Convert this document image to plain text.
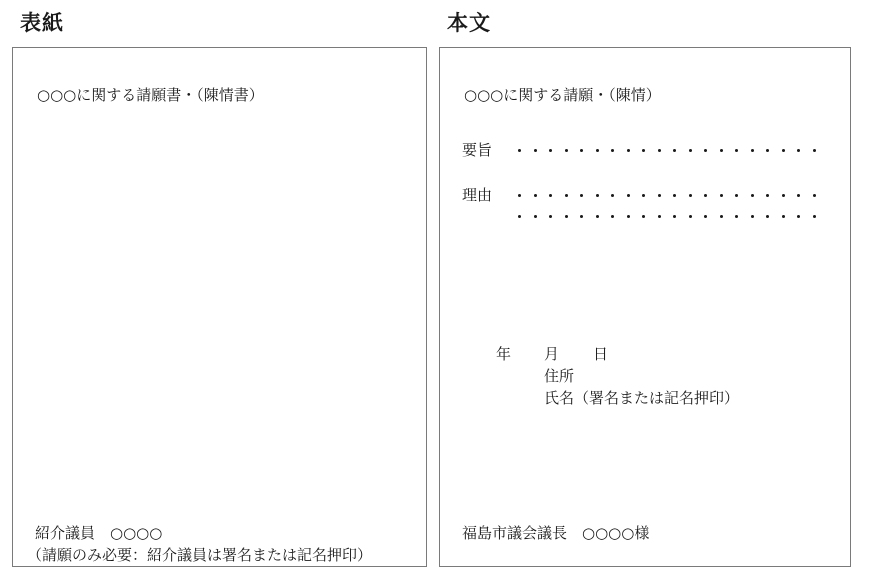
表紙	本文
○○○に関する請願書・（陳情書）
紹介議員　○○○○
（請願のみ必要：紹介議員は署名または記名押印）
○○○に関する請願・（陳情）
要旨
理由
年 月 日
住所
氏名（署名または記名押印）
福島市議会議長　○○○○様
